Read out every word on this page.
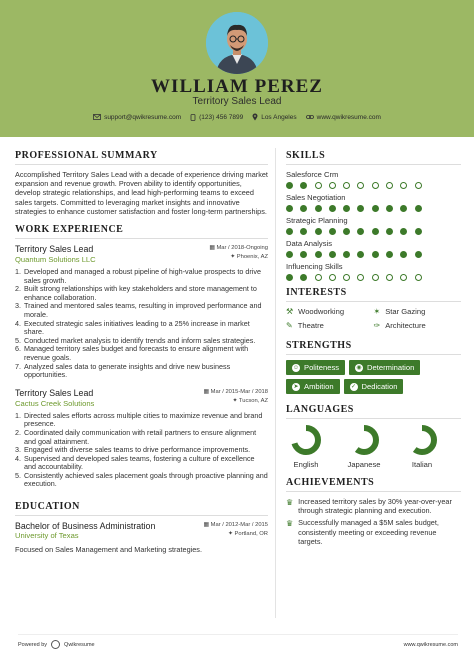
WILLIAM PEREZ
Territory Sales Lead
support@qwikresume.com	(123) 456 7899	Los Angeles	www.qwikresume.com
PROFESSIONAL SUMMARY

Accomplished Territory Sales Lead with a decade of experience driving market expansion and revenue growth. Proven ability to identify opportunities, develop strategic relationships, and lead high-performing teams to exceed sales targets. Committed to leveraging market insights and innovative strategies to enhance customer satisfaction and foster long-term partnerships.

WORK EXPERIENCE
Territory Sales Lead
Quantum Solutions LLC
▦ Mar / 2018-Ongoing
✦ Phoenix, AZ
1. Developed and managed a robust pipeline of high-value prospects to drive sales growth.
2. Built strong relationships with key stakeholders and store management to enhance collaboration.
3. Trained and mentored sales teams, resulting in improved performance and morale.
4. Executed strategic sales initiatives leading to a 25% increase in market share.
5. Conducted market analysis to identify trends and inform sales strategies.
6. Managed territory sales budget and forecasts to ensure alignment with revenue goals.
7. Analyzed sales data to generate insights and drive new business opportunities.
Territory Sales Lead
Cactus Creek Solutions
▦ Mar / 2015-Mar / 2018
✦ Tucson, AZ
1. Directed sales efforts across multiple cities to maximize revenue and brand presence.
2. Coordinated daily communication with retail partners to ensure alignment and goal attainment.
3. Engaged with diverse sales teams to drive performance improvements.
4. Supervised and developed sales teams, fostering a culture of excellence and accountability.
5. Consistently achieved sales placement goals through proactive planning and execution.
EDUCATION
Bachelor of Business Administration
University of Texas
▦ Mar / 2012-Mar / 2015
✦ Portland, OR
Focused on Sales Management and Marketing strategies.
SKILLS
Salesforce Crm
Sales Negotiation
Strategic Planning
Data Analysis
Influencing Skills
INTERESTS
⚒ Woodworking	✶ Star Gazing
✎ Theatre	✑ Architecture
STRENGTHS
☺ Politeness	◉ Determination
➤ Ambition	✓ Dedication
LANGUAGES
English	Japanese	Italian
ACHIEVEMENTS
♛ Increased territory sales by 30% year-over-year through strategic planning and execution.
♛ Successfully managed a $5M sales budget, consistently meeting or exceeding revenue targets.
Powered by	Qwikresume	www.qwikresume.com
